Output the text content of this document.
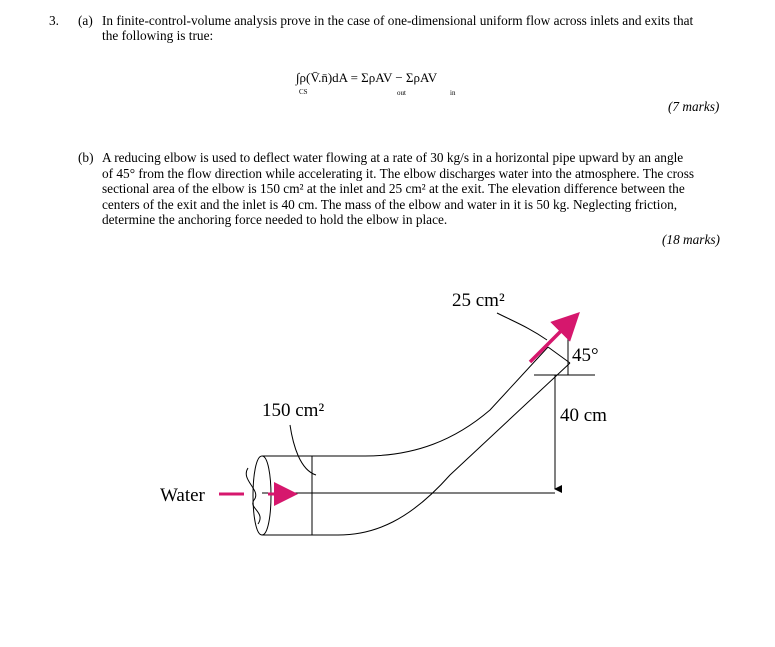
3. (a) In finite-control-volume analysis prove in the case of one-dimensional uniform flow across inlets and exits that
the following is true:
∫ρ(V̄.n̄)dA = ΣρAV − ΣρAV
CS	out	in
(7 marks)
(b) A reducing elbow is used to deflect water flowing at a rate of 30 kg/s in a horizontal pipe upward by an angle
of 45° from the flow direction while accelerating it. The elbow discharges water into the atmosphere. The cross
sectional area of the elbow is 150 cm² at the inlet and 25 cm² at the exit. The elevation difference between the
centers of the exit and the inlet is 40 cm. The mass of the elbow and water in it is 50 kg. Neglecting friction,
determine the anchoring force needed to hold the elbow in place.
(18 marks)
25 cm²
150 cm²
45°
40 cm
Water
